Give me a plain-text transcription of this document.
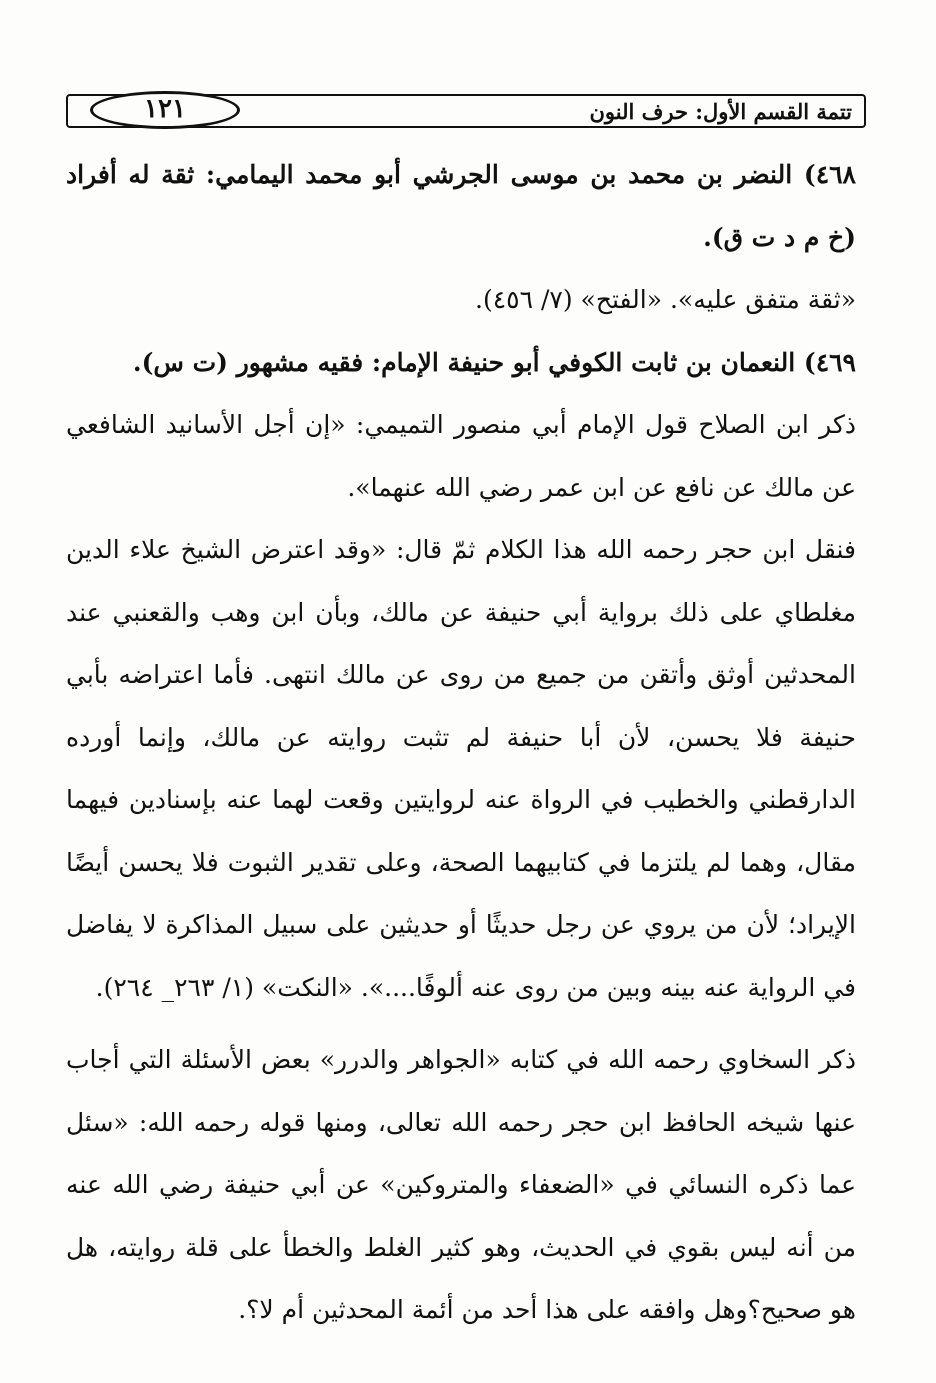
تتمة القسم الأول: حرف النون
١٢١

٤٦٨) النضر بن محمد بن موسى الجرشي أبو محمد اليمامي: ثقة له أفراد (خ م د ت ق).

«ثقة متفق عليه». «الفتح» (٧/ ٤٥٦).

٤٦٩) النعمان بن ثابت الكوفي أبو حنيفة الإمام: فقيه مشهور (ت س).

ذكر ابن الصلاح قول الإمام أبي منصور التميمي: «إن أجل الأسانيد الشافعي عن مالك عن نافع عن ابن عمر رضي الله عنهما».

فنقل ابن حجر رحمه الله هذا الكلام ثمّ قال: «وقد اعترض الشيخ علاء الدين مغلطاي على ذلك برواية أبي حنيفة عن مالك، وبأن ابن وهب والقعنبي عند المحدثين أوثق وأتقن من جميع من روى عن مالك انتهى. فأما اعتراضه بأبي حنيفة فلا يحسن، لأن أبا حنيفة لم تثبت روايته عن مالك، وإنما أورده الدارقطني والخطيب في الرواة عنه لروايتين وقعت لهما عنه بإسنادين فيهما مقال، وهما لم يلتزما في كتابيهما الصحة، وعلى تقدير الثبوت فلا يحسن أيضًا الإيراد؛ لأن من يروي عن رجل حديثًا أو حديثين على سبيل المذاكرة لا يفاضل في الرواية عنه بينه وبين من روى عنه ألوفًا....». «النكت» (١/ ٢٦٣_ ٢٦٤).

ذكر السخاوي رحمه الله في كتابه «الجواهر والدرر» بعض الأسئلة التي أجاب عنها شيخه الحافظ ابن حجر رحمه الله تعالى، ومنها قوله رحمه الله: «سئل عما ذكره النسائي في «الضعفاء والمتروكين» عن أبي حنيفة رضي الله عنه من أنه ليس بقوي في الحديث، وهو كثير الغلط والخطأ على قلة روايته، هل هو صحيح؟وهل وافقه على هذا أحد من أئمة المحدثين أم لا؟.
